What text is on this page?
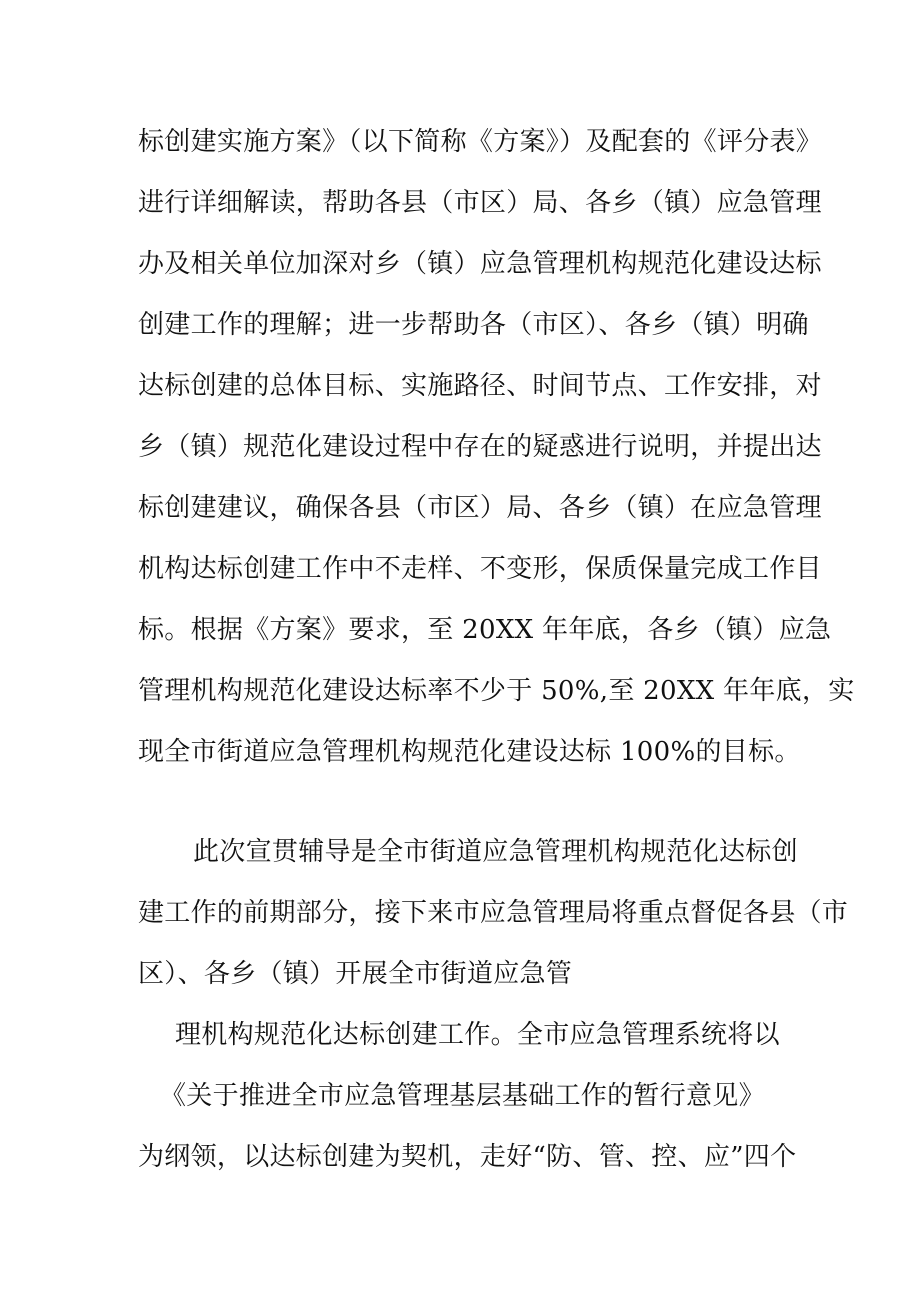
标创建实施方案》（以下简称《方案》）及配套的《评分表》
进行详细解读，帮助各县（市区）局、各乡（镇）应急管理
办及相关单位加深对乡（镇）应急管理机构规范化建设达标
创建工作的理解；进一步帮助各（市区）、各乡（镇）明确
达标创建的总体目标、实施路径、时间节点、工作安排，对
乡（镇）规范化建设过程中存在的疑惑进行说明，并提出达
标创建建议，确保各县（市区）局、各乡（镇）在应急管理
机构达标创建工作中不走样、不变形，保质保量完成工作目
标。根据《方案》要求，至 20XX 年年底，各乡（镇）应急
管理机构规范化建设达标率不少于 50%,至 20XX 年年底，实
现全市街道应急管理机构规范化建设达标 100%的目标。
此次宣贯辅导是全市街道应急管理机构规范化达标创
建工作的前期部分，接下来市应急管理局将重点督促各县（市
区）、各乡（镇）开展全市街道应急管
理机构规范化达标创建工作。全市应急管理系统将以
《关于推进全市应急管理基层基础工作的暂行意见》
为纲领，以达标创建为契机，走好“防、管、控、应”四个
